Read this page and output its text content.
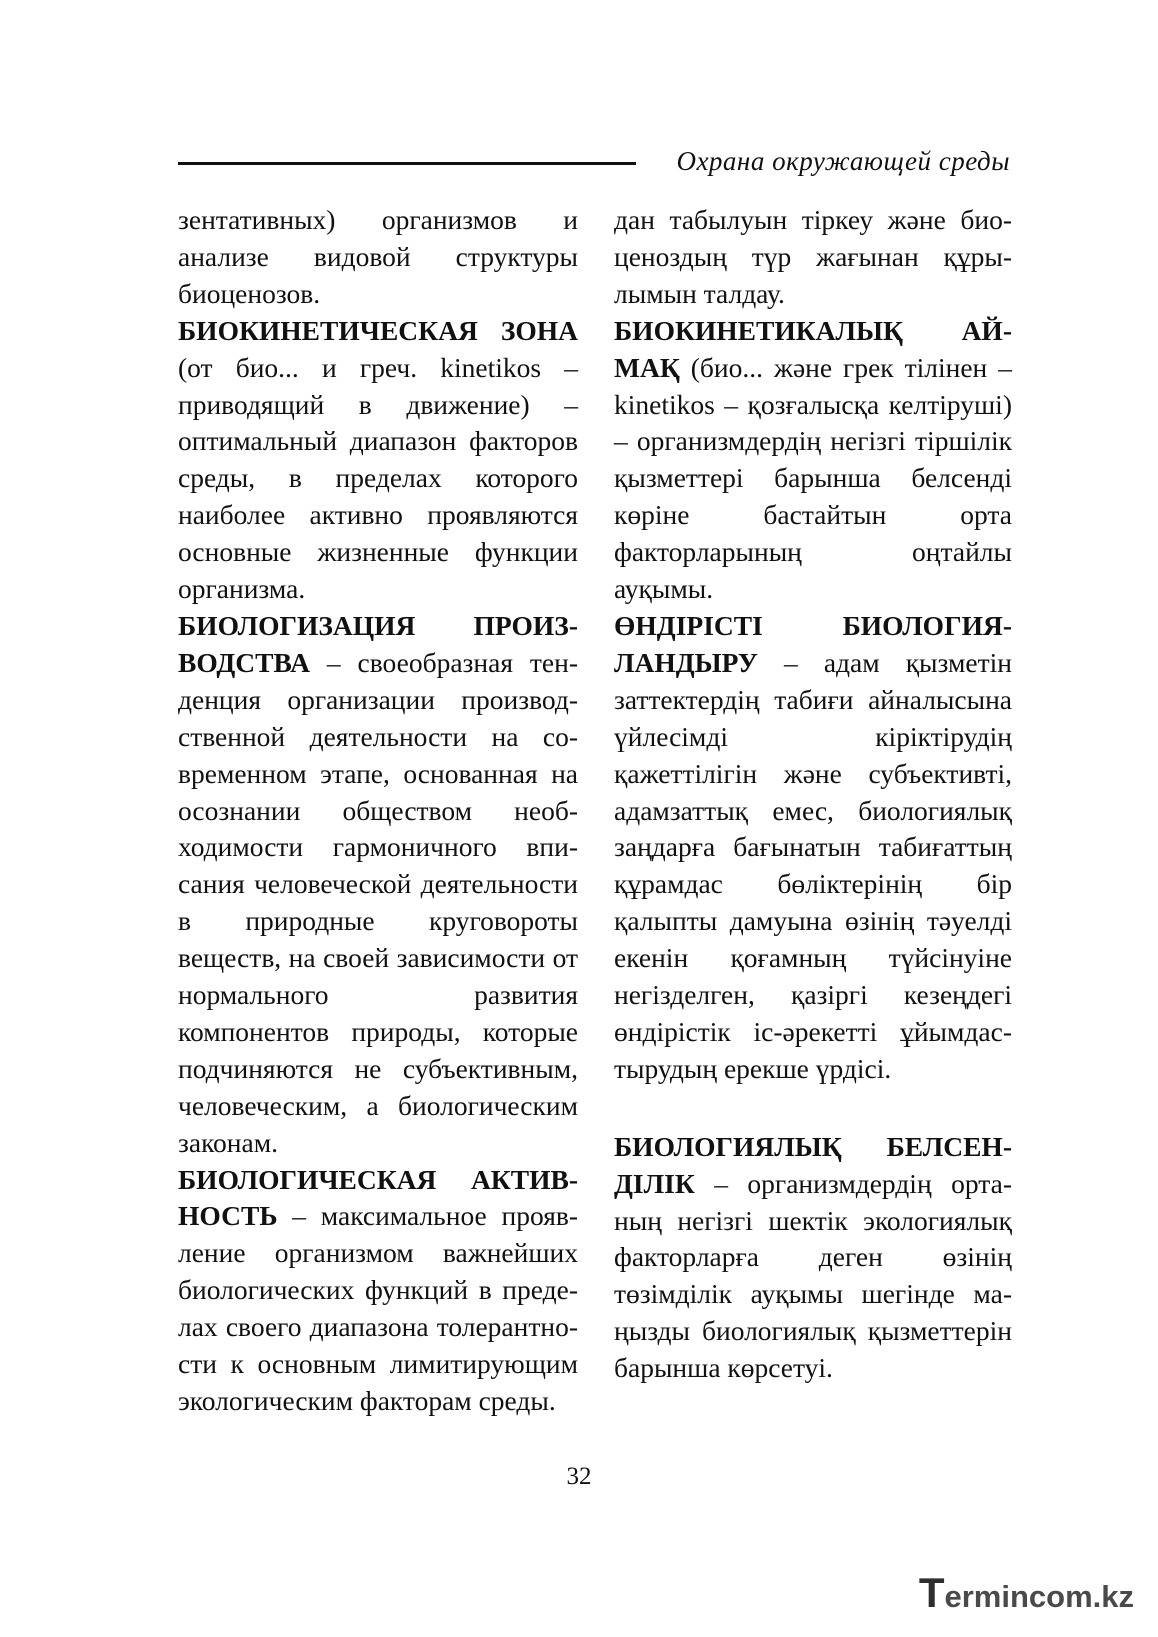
Охрана окружающей среды

зентативных) организмов и анализе видовой структуры биоценозов.

БИОКИНЕТИЧЕСКАЯ ЗОНА (от био... и греч. kinetikos – приводящий в движение) – оптимальный диапазон факторов среды, в пределах которого наиболее активно проявляются основные жизненные функции организма.

БИОЛОГИЗАЦИЯ ПРОИЗВОДСТВА – своеобразная тенденция организации производственной деятельности на современном этапе, основанная на осознании обществом необходимости гармоничного вписания человеческой деятельности в природные круговороты веществ, на своей зависимости от нормального развития компонентов природы, которые подчиняются не субъективным, человеческим, а биологическим законам.

БИОЛОГИЧЕСКАЯ АКТИВНОСТЬ – максимальное проявление организмом важнейших биологических функций в пределах своего диапазона толерантности к основным лимитирующим экологическим факторам среды.

дан табылуын тіркеу және биоценоздың түр жағынан құрылымын талдау.

БИОКИНЕТИКАЛЫҚ АЙМАҚ (био... және грек тілінен – kinetikos – қозғалысқа келтіруші) – организмдердің негізгі тіршілік қызметтері барынша белсенді көріне бастайтын орта факторларының оңтайлы ауқымы.

ӨНДІРІСТІ БИОЛОГИЯЛАНДЫРУ – адам қызметін заттектердің табиғи айналысына үйлесімді кіріктірудің қажеттілігін және субъективті, адамзаттық емес, биологиялық заңдарға бағынатын табиғаттың құрамдас бөліктерінің бір қалыпты дамуына өзінің тәуелді екенін қоғамның түйсінуіне негізделген, қазіргі кезеңдегі өндірістік іс-әрекетті ұйымдастырудың ерекше үрдісі.

БИОЛОГИЯЛЫҚ БЕЛСЕНДІЛІК – организмдердің ортаның негізгі шектік экологиялық факторларға деген өзінің төзімділік ауқымы шегінде маңызды биологиялық қызметтерін барынша көрсетуі.

32
T ermincom.kz
